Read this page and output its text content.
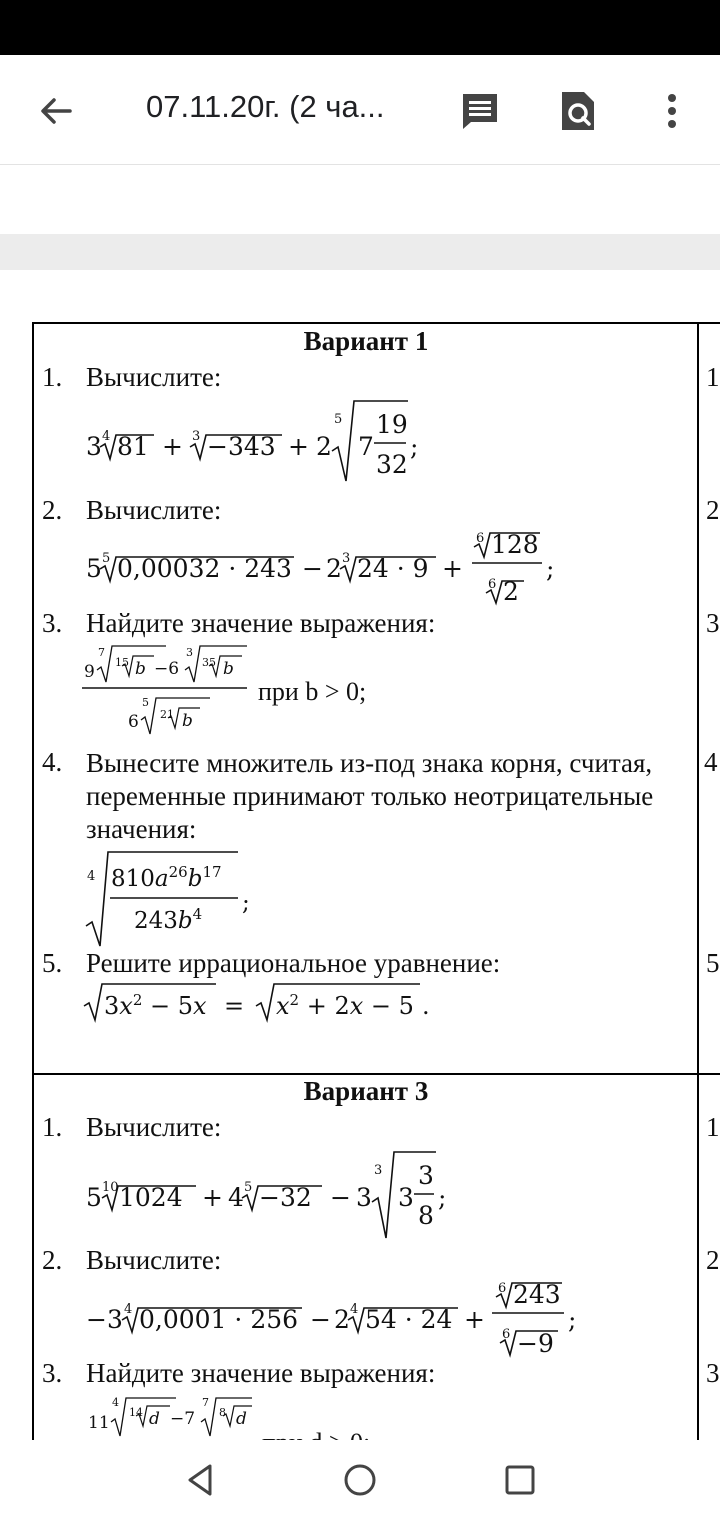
07.11.20г. (2 ча...
Вариант 1
1. Вычислите:
3 4 81 + 3 −343 + 2
5
7
19
32
;
2. Вычислите:
5 5 0,00032 · 243 − 2 3 24 · 9 +
6 128
6 2
;
3. Найдите значение выражения:
9
7
15 b −6
3
35 b
6
5
21 b
при b > 0;
4. Вынесите множитель из-под знака корня, считая, переменные принимают только неотрицательные значения:
4 $810a^{26}b^{17}$
$243b^4$ ;
5. Решите иррациональное уравнение:
$3x^2 - 5x = x^2 + 2x - 5$ .
Вариант 3
1. Вычислите:
5 10 1024 + 4 5 −32 − 3
3
3
3
8
;
2. Вычислите:
−3 4 0,0001 · 256 − 2 4 54 · 24 +
6 243
6 −9
;
3. Найдите значение выражения:
11
4
14 d −7
7
8 d
1
2
3
4
5
1
2
3
